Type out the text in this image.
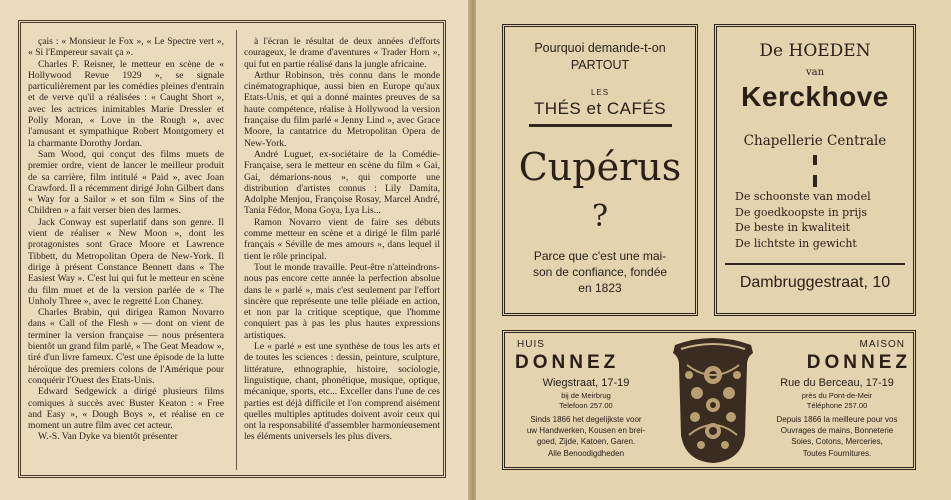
çais : « Monsieur le Fox », « Le Spectre vert », « Si l'Empereur savait ça ».

Charles F. Reisner, le metteur en scène de « Hollywood Revue 1929 », se signale particulièrement par les comédies pleines d'entrain et de verve qu'il a réalisées : « Caught Short », avec les actrices inimitables Marie Dressler et Polly Moran, « Love in the Rough », avec l'amusant et sympathique Robert Montgomery et la charmante Dorothy Jordan.

Sam Wood, qui conçut des films muets de premier ordre, vient de lancer le meilleur produit de sa carrière, film intitulé « Paid », avec Joan Crawford. Il a récemment dirigé John Gilbert dans « Way for a Sailor » et son film « Sins of the Children » a fait verser bien des larmes.

Jack Conway est superlatif dans son genre. Il vient de réaliser « New Moon », dont les protagonistes sont Grace Moore et Lawrence Tibbett, du Metropolitan Opera de New-York. Il dirige à présent Constance Bennett dans « The Easiest Way ». C'est lui qui fut le metteur en scène du film muet et de la version parlée de « The Unholy Three », avec le regretté Lon Chaney.

Charles Brabin, qui dirigea Ramon Novarro dans « Call of the Flesh » — dont on vient de terminer la version française — nous présentera bientôt un grand film parlé, « The Geat Meadow », tiré d'un livre fameux. C'est une épisode de la lutte héroïque des premiers colons de l'Amérique pour conquérir l'Ouest des Etats-Unis.

Edward Sedgewick a dirigé plusieurs films comiques à succès avec Buster Keaton : « Free and Easy », « Dough Boys », et réalise en ce moment un autre film avec cet acteur.

W.-S. Van Dyke va bientôt présenter

à l'écran le résultat de deux années d'efforts courageux, le drame d'aventures « Trader Horn », qui fut en partie réalisé dans la jungle africaine.

Arthur Robinson, très connu dans le monde cinématographique, aussi bien en Europe qu'aux Etats-Unis, et qui a donné maintes preuves de sa haute compétence, réalise à Hollywood la version française du film parlé « Jenny Lind », avec Grace Moore, la cantatrice du Metropolitan Opera de New-York.

André Luguet, ex-sociétaire de la Comédie-Française, sera le metteur en scène du film « Gai, Gai, démarions-nous », qui comporte une distribution d'artistes connus : Lily Damita, Adolphe Menjou, Françoise Rosay, Marcel André, Tania Fédor, Mona Goya, Lya Lis...

Ramon Novarro vient de faire ses débuts comme metteur en scène et a dirigé le film parlé français « Séville de mes amours », dans lequel il tient le rôle principal.

Tout le monde travaille. Peut-être n'atteindrons-nous pas encore cette année la perfection absolue dans le « parlé », mais c'est seulement par l'effort sincère que représente une telle pléiade en action, et non par la critique sceptique, que l'homme conquiert pas à pas les plus hautes expressions artistiques.

Le « parlé » est une synthèse de tous les arts et de toutes les sciences : dessin, peinture, sculpture, littérature, ethnographie, histoire, sociologie, linguistique, chant, phonétique, musique, optique, mécanique, sports, etc... Exceller dans l'une de ces parties est déjà difficile et l'on comprend aisément quelles multiples aptitudes doivent avoir ceux qui ont la responsabilité d'assembler harmonieusement les éléments universels les plus divers.

Pourquoi demande-t-on
PARTOUT
LES
THÉS et CAFÉS
Cupérus
?
Parce que c'est une mai-
son de confiance, fondée
en 1823
De HOEDEN
van
Kerckhove
Chapellerie Centrale
De schoonste van model
De goedkoopste in prijs
De beste in kwaliteit
De lichtste in gewicht
Dambruggestraat, 10
HUIS
DONNEZ
Wiegstraat, 17-19
bij de Meirbrug
Telefoon 257.00
Sinds 1866 het degelijkste voor
uw Handwerken, Kousen en brei-
goed, Zijde, Katoen, Garen.
Alle Benoodigdheden
MAISON
DONNEZ
Rue du Berceau, 17-19
près du Pont-de-Meir
Téléphone 257.00
Depuis 1866 la meilleure pour vos
Ouvrages de mains, Bonneterie
Soies, Cotons, Merceries,
Toutes Fournitures.
